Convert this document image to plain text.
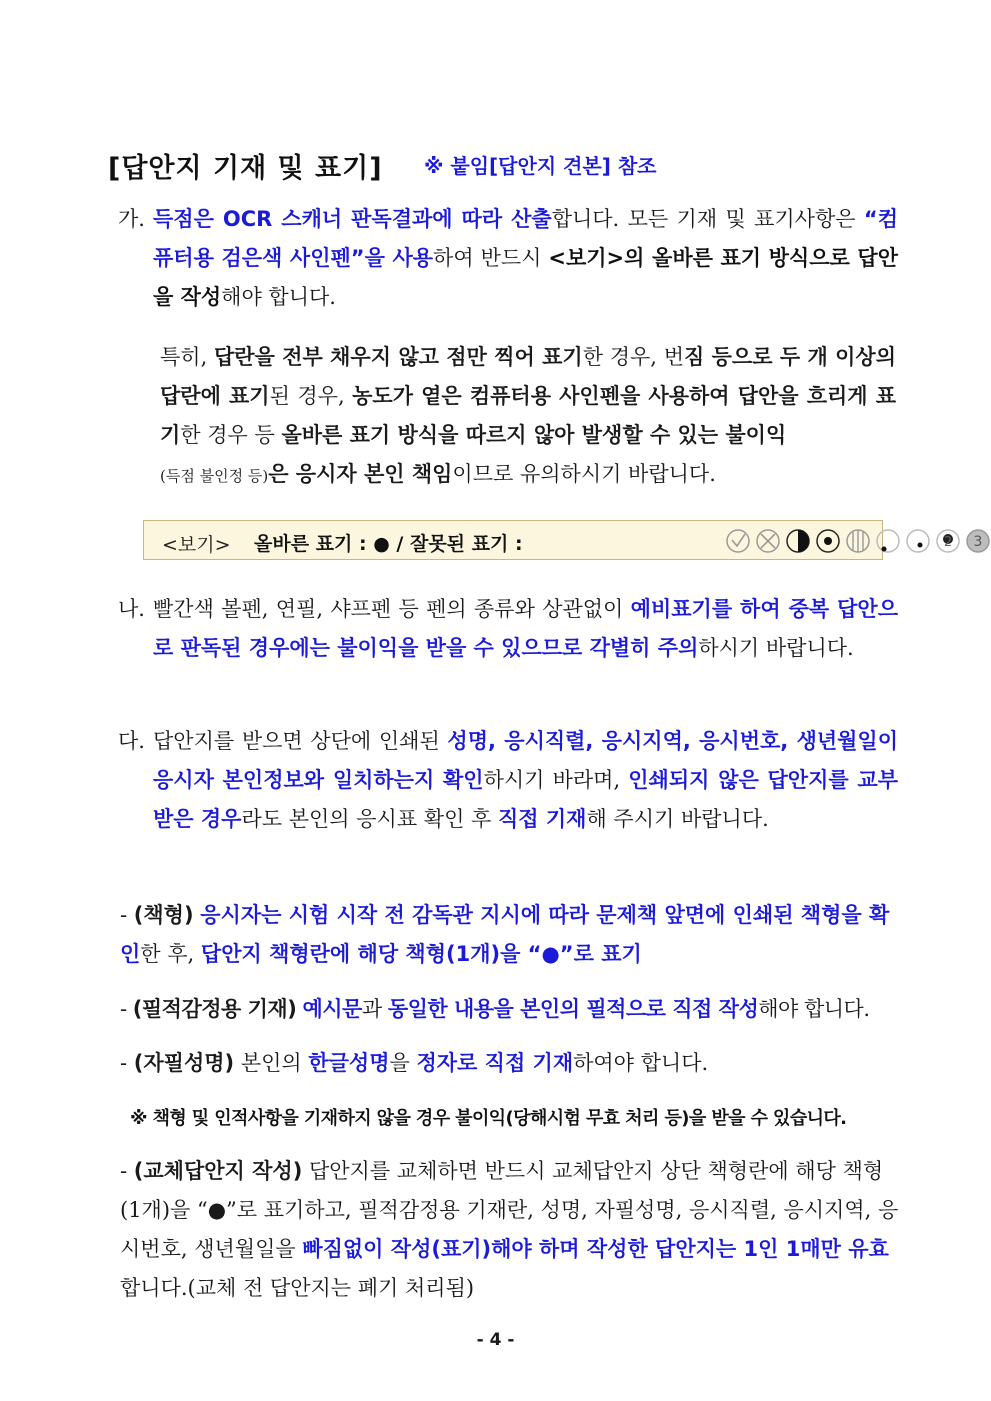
[답안지 기재 및 표기] ※ 붙임[답안지 견본] 참조
가. 득점은 OCR 스캐너 판독결과에 따라 산출합니다. 모든 기재 및 표기사항은 “컴퓨터용 검은색 사인펜”을 사용하여 반드시 <보기>의 올바른 표기 방식으로 답안을 작성해야 합니다.
특히, 답란을 전부 채우지 않고 점만 찍어 표기한 경우, 번짐 등으로 두 개 이상의 답란에 표기된 경우, 농도가 옅은 컴퓨터용 사인펜을 사용하여 답안을 흐리게 표기한 경우 등 올바른 표기 방식을 따르지 않아 발생할 수 있는 불이익
(득점 불인정 등)은 응시자 본인 책임이므로 유의하시기 바랍니다.
<보기> 올바른 표기 : ● / 잘못된 표기 :	2 3
나. 빨간색 볼펜, 연필, 샤프펜 등 펜의 종류와 상관없이 예비표기를 하여 중복 답안으로 판독된 경우에는 불이익을 받을 수 있으므로 각별히 주의하시기 바랍니다.
다. 답안지를 받으면 상단에 인쇄된 성명, 응시직렬, 응시지역, 응시번호, 생년월일이 응시자 본인정보와 일치하는지 확인하시기 바라며, 인쇄되지 않은 답안지를 교부받은 경우라도 본인의 응시표 확인 후 직접 기재해 주시기 바랍니다.
- (책형) 응시자는 시험 시작 전 감독관 지시에 따라 문제책 앞면에 인쇄된 책형을 확인한 후, 답안지 책형란에 해당 책형(1개)을 “●”로 표기
- (필적감정용 기재) 예시문과 동일한 내용을 본인의 필적으로 직접 작성해야 합니다.
- (자필성명) 본인의 한글성명을 정자로 직접 기재하여야 합니다.
※ 책형 및 인적사항을 기재하지 않을 경우 불이익(당해시험 무효 처리 등)을 받을 수 있습니다.
- (교체답안지 작성) 답안지를 교체하면 반드시 교체답안지 상단 책형란에 해당 책형(1개)을 “●”로 표기하고, 필적감정용 기재란, 성명, 자필성명, 응시직렬, 응시지역, 응시번호, 생년월일을 빠짐없이 작성(표기)해야 하며 작성한 답안지는 1인 1매만 유효합니다.(교체 전 답안지는 폐기 처리됨)
- 4 -
